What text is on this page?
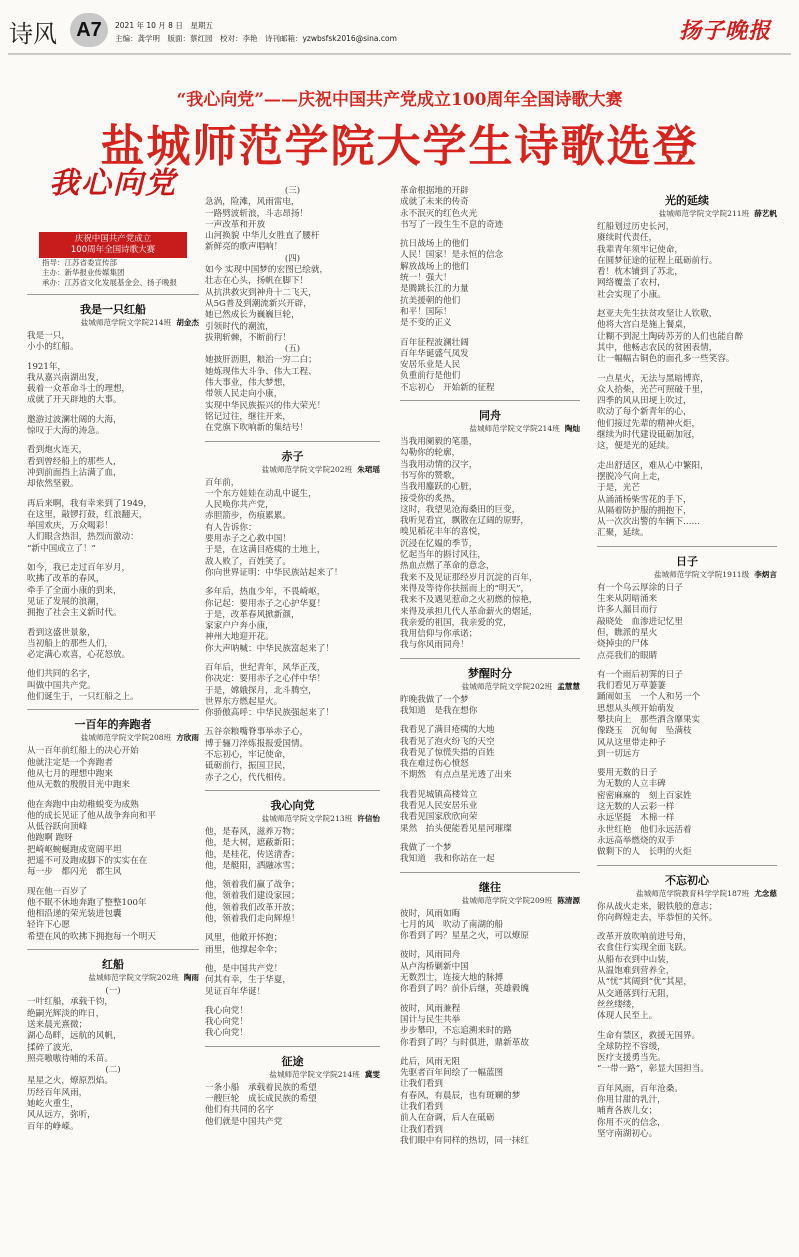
诗风 A7	2021 年 10 月 8 日　星期五
主编：龚学明　版面：蔡红园　校对：李艳　诗刊邮箱：yzwbsfsk2016@sina.com	扬子晚报
“我心向党”——庆祝中国共产党成立100周年全国诗歌大赛
盐城师范学院大学生诗歌选登
我心向党
庆祝中国共产党成立
100周年全国诗歌大赛
指导：江苏省委宣传部
主办：新华报业传媒集团
承办：江苏省文化发展基金会、扬子晚报
我是一只红船
盐城师范学院文学院214班 胡金杰

我是一只，

小小的红船。

1921年，

我从嘉兴南湖出发，

载着一众革命斗士的理想，

成就了开天辟地的大事。

邀游过波澜壮阔的大海，

惊叹于大海的涛急。

看到炮火连天，

看到曾经船上的那些人，

冲到前面挡上沾满了血，

却依然坚毅。

再后来啊，我有幸来到了1949，

在这里，敲锣打鼓，红浪翻天，

举国欢庆，万众喝彩！

人们眼含热泪，热烈而激动：

“新中国成立了！”

如今，我已走过百年岁月，

吹拂了改革的春风，

牵手了全面小康的到来，

见证了发展的浪潮，

拥抱了社会主义新时代。

看到这盛世景象，

当初船上的那些人们，

必定满心欢喜，心花怒放。

他们共同的名字，

叫做中国共产党。

他们诞生于，一只红船之上。

一百年的奔跑者
盐城师范学院文学院208班 方欣雨

从一百年前红船上的决心开始

他就注定是一个奔跑者

他从七月的理想中跑来

他从无数的殷殷目光中跑来

他在奔跑中由幼稚蜕变为成熟

他的成长见证了他从战争奔向和平

从低谷跃向顶峰

他跑啊 跑呀

把崎岖蜿蜒跑成宽阔平坦

把遥不可及跑成脚下的实实在在

每一步　都闪光　都生风

现在他一百岁了

他不眠不休地奔跑了整整100年

他相沿递的荣光装进包囊

轻许下心愿

希望在风的吹拂下拥抱每一个明天

红船
盐城师范学院文学院202班 陶雨

(一)

一叶红船，承载千钧，

绝嗣光辉淡的昨日，

送来晨光熹微；

湖心岛畔，远航的风帆，

揉碎了波光，

照亮嗷嗷待哺的禾苗。

(二)

星星之火，燎原烈焰。

历经百年风雨，

她屹火重生，

风从远方，弥听，

百年的峥嵘。

(三)

急涡，险滩，风雨雷电，

一路劈波斩浪，斗志昂扬！

一声改革和开放

山河换貌 中华儿女胜直了腰杆

新鲜亮的歌声唱响！

(四)

如今 实现中国梦的宏图已绘就，

壮志在心头，扬帆在脚下！

从抗洪救灾到神舟十二飞天，

从5G普及到潮流新兴开辟，

她已然成长为巍巍巨轮，

引领时代的潮流，

拔荆斩棘，不断前行！

(五)

她披肝沥胆，粮治一穷二白；

她炼现伟大斗争、伟大工程、

伟大事业，伟大梦想，

带领人民走向小康，

实现中华民族振兴的伟大荣光！

铭记过往，继往开来，

在党旗下吹响新的集结号！

赤子
盐城师范学院文学院202班 朱珺瑶

百年前，

一个东方娃娃在动乱中诞生，

人民唤你共产党，

赤胆箭步，伤痕累累。

有人告诉你：

要用赤子之心救中国！

于是，在这满目疮痍的土地上，

敌人败了，百姓笑了。

你向世界证明：中华民族站起来了！

多年后，热血少年，不畏崎岖，

你记起：要用赤子之心护华夏！

于是，改革春风掀新颜，

家家户户奔小康，

神州大地迎开花。

你大声呐喊：中华民族富起来了！

百年后，世纪青年，风华正茂，

你决定：要用赤子之心伴中华！

于是，嫦娥探月，北斗腾空，

世界东方燃起星火。

你骄傲高呼：中华民族强起来了！

五谷奈粮嘴脊事举赤子心，

博于骊刀淬炼报报爱国情。

不忘初心，牢记使命，

砥砺前行，振国卫民，

赤子之心，代代相传。

我心向党
盐城师范学院文学院213班 许信怡

他，是春风，滋养万物；

他，是大树，遮蔽新阳；

他，是桂花，传送清香；

他，是艇阳，洒融冰雪；

他，领着我们赢了战争；

他，领着我们建设家园；

他，领着我们改革开放；

他，领着我们走向辉煌！

风里，他敞开怀抱；

雨里，他撑起伞伞；

他，是中国共产党！

何其有幸，生于华夏，

见证百年华诞！

我心向党！

我心向党！

我心向党！

征途
盐城师范学院文学院214班 冀雯

一条小船　承载着民族的希望

一艘巨轮　成长成民族的希望

他们有共同的名字

他们就是中国共产党

革命根据地的开辟

成就了未来的传奇

永不泯灭的红色火光

书写了一段生生不息的奇迹

抗日战场上的他们

人民！国家！是永恒的信念

解放战场上的他们

统一！强大！

是腾跳长江的力量

抗美援朝的他们

和平！国际！

是不变的正义

百年征程波澜壮阔

百年华诞盛气凤发

安居乐业是人民

负重前行是他们

不忘初心　开始新的征程

同舟
盐城师范学院文学院214班 陶灿

当我用阑毅的笔墨，

勾勒你的轮廓，

当我用动情的汉字，

书写你的赞歌，

当我用鏖跃的心脏，

接受你的炙热，

这时，我望见沧海桑田的巨变，

我听见看宜，飘散在辽阔的原野，

嗅见稻花丰年的喜悦，

沉浸在忆媪的季节，

忆起当年的斟讨风往，

热血点燃了革命的意念，

我来不及见证那经岁月沉淀的百年，

来得及等待你扶摇而上的“明天”，

我来不及遇见惹命之火初燃的惊艳，

来得及承担几代人革命薪火的熠延，

我亲爱的祖国，我亲爱的党，

我用信仰与你承诺；

我与你风雨同舟！

梦醒时分
盐城师范学院文学院202班 孟慧慧

昨晚我做了一个梦

我知道　是我在想你

我看见了满目疮痍的大地

我看见了泡火纷飞的天空

我看见了惊慌失措的百姓

我在难过伤心愤怒

不期然　有点点星光透了出来

我看见城镇高楼耸立

我看见人民安居乐业

我看见国家欣欣向荣

果然　抬头便能看见星河璀璨

我做了一个梦

我知道　我和你站在一起

继往
盐城师范学院文学院209班 陈清源

彼时，风雨如晦

七月的风　吹动了南湖的船

你看到了吗？星星之火，可以燎原

彼时，风雨同舟

从卢沟桥剿新中国

无数烈士，连接大地的脉搏

你看到了吗？前仆后继，英雄毅魄

彼时，风雨兼程

国计与民生共举

步步攀印，不忘追溯来时的路

你看到了吗？与时俱进，鼎新革故

此后，风雨无阻

先驱者百年间绘了一幅蓝图

让我们看到

有春风，有晨辰，也有斑斓的梦

让我们看到

前人在奋调，后人在砥砺

让我们看到

我们眼中有同样的热切，同一抹红

光的延续
盐城师范学院文学院211班 薛艺帆

红船划过历史长河，

赓续时代责任，

我辈青年须牢记使命，

在圆梦征途的征程上砥砺前行。

看！枕木铺到了苏北，

网络覆盖了农村，

社会实现了小康。

赵亚夫先生扶贫攻坚让人钦敬，

他将大宫白是施上餐桌，

让糊不到泥土陶砖苏芳的人们也能自醉

其中，他畅志农民的贫困表情，

让一幅幅古铜色的面孔多一些笑容。

一点星火，无法与黑暗博弈，

众人拾柴，光芒可照破千里，

四季的风从田埂上吹过，

吹动了每个新青年的心，

他们接过先辈的精神火炬，

继续为时代建设砥砺加冠，

这，便是光的延续。

走出舒适区，难从心中繁阳，

摆脱冷气向上走，

于是，光芒

从涌涌杨柴雪花的手下，

从隔着防护服的拥抱下，

从一次次出警的车辆下……

汇聚，延续。

日子
盐城师范学院文学院1911级 李炳言

有一个乌云厚涂的日子

生来从阴暗涌来

许多人漏目而行

敲晓处　血渗进记忆里

但，瞧派的星火

烧掉虫的尸体

点亮我们的眼睛

有一个雨后初霁的日子

我们看见万草萋萋

踊闹如玉　一个人和另一个

思想从头颅开始萌发

攀扶向上　那些洒含靡果实

像跷玉　沉甸甸　坠满枝

风从这里带走种子

到一切远方

要用无数的日子

为无数的人立丰碑

密密麻麻的　刻上百家姓

这无数的人云彩一样

永远坚挺　木棉一样

永世红艳　他们永远活着

永远高举燃烧的双手

做剩下的人　长明的火炬

不忘初心
盐城师范学院教育科学学院187班 尤念慈

你从战火走来，锻铁般的意志；

你向辉煌走去，毕恭恒的关怀。

改革开放吹响前进号角，

衣食住行实现全面飞跃。

从船布衣到中山装，

从温饱难到营养全，

从“忧”其阔到“优”其屋，

从交通落到行无阻，

丝丝缕缕，

体现人民至上。

生命有禁区，救援无国界。

全球防控不容缓，

医疗支援勇当先。

“一带一路”，彰显大国担当。

百年风雨，百年沧桑。

你用甘甜的乳汁，

哺育各族儿女；

你用不灭的信念，

坚守南湖初心。
